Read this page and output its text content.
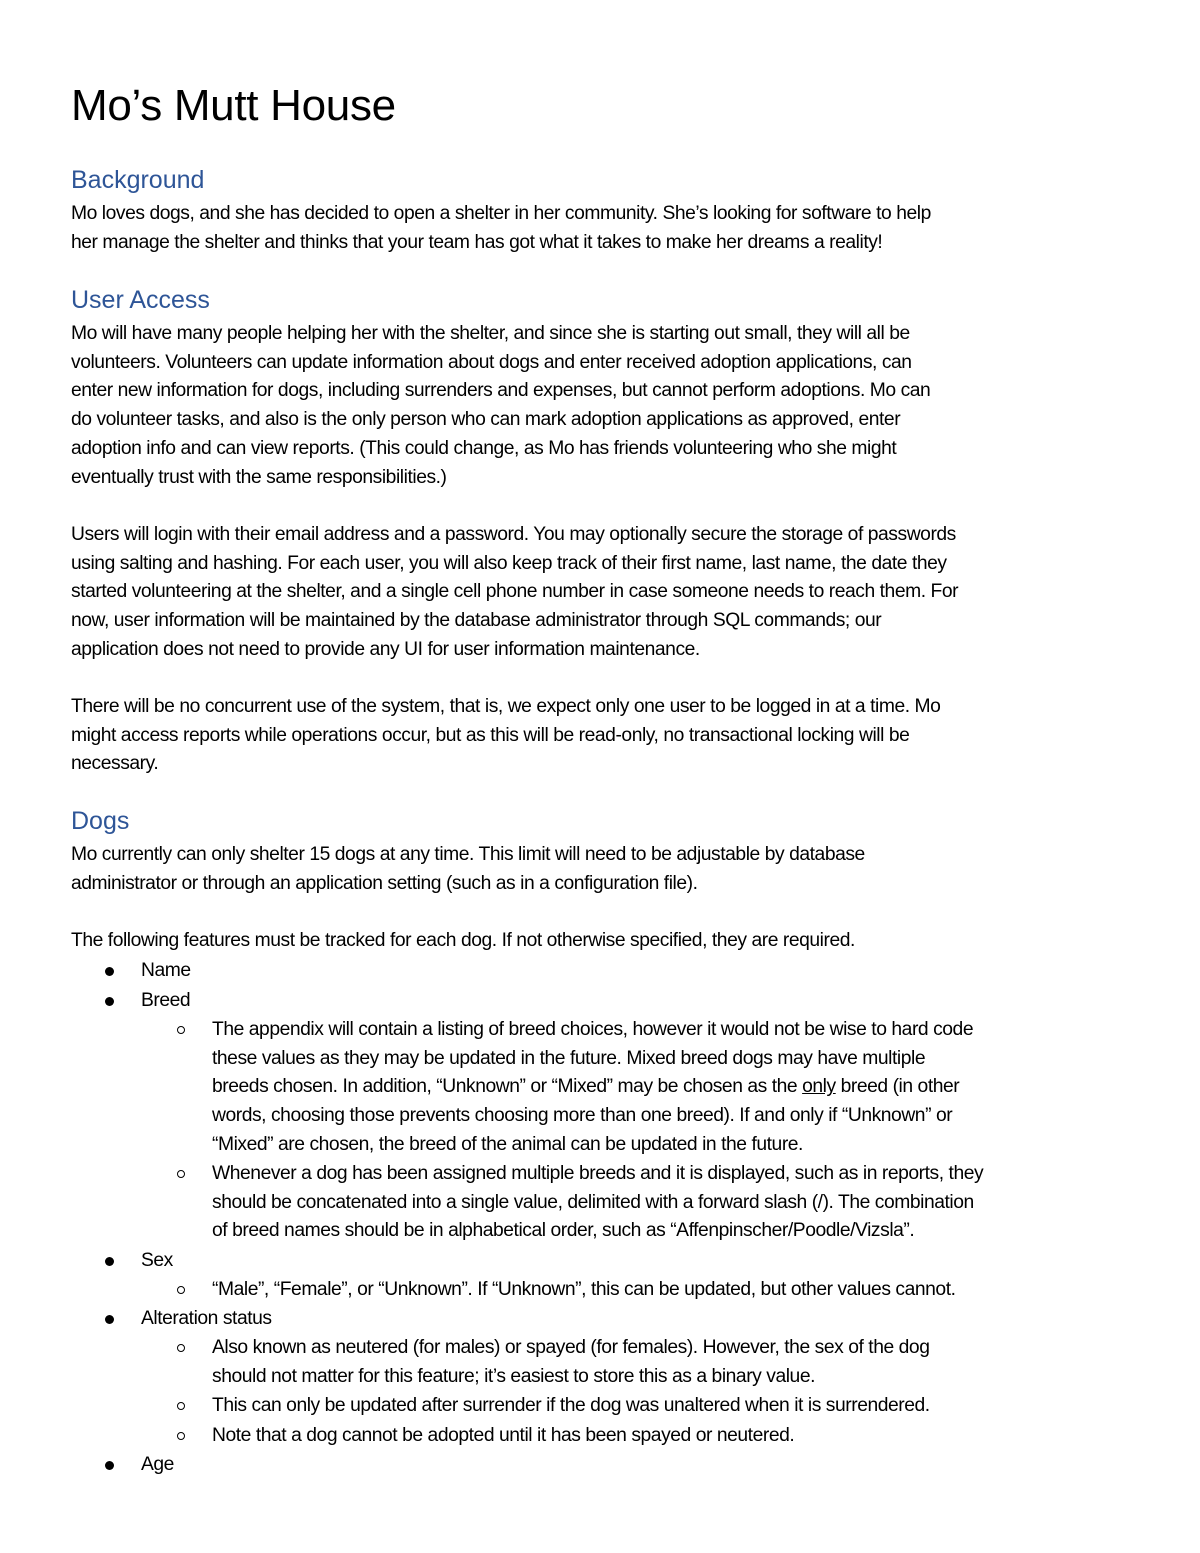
Mo’s Mutt House
Background
Mo loves dogs, and she has decided to open a shelter in her community. She’s looking for software to help
her manage the shelter and thinks that your team has got what it takes to make her dreams a reality!
User Access
Mo will have many people helping her with the shelter, and since she is starting out small, they will all be
volunteers. Volunteers can update information about dogs and enter received adoption applications, can
enter new information for dogs, including surrenders and expenses, but cannot perform adoptions. Mo can
do volunteer tasks, and also is the only person who can mark adoption applications as approved, enter
adoption info and can view reports. (This could change, as Mo has friends volunteering who she might
eventually trust with the same responsibilities.)
Users will login with their email address and a password. You may optionally secure the storage of passwords
using salting and hashing. For each user, you will also keep track of their first name, last name, the date they
started volunteering at the shelter, and a single cell phone number in case someone needs to reach them. For
now, user information will be maintained by the database administrator through SQL commands; our
application does not need to provide any UI for user information maintenance.
There will be no concurrent use of the system, that is, we expect only one user to be logged in at a time. Mo
might access reports while operations occur, but as this will be read-only, no transactional locking will be
necessary.
Dogs
Mo currently can only shelter 15 dogs at any time. This limit will need to be adjustable by database
administrator or through an application setting (such as in a configuration file).
The following features must be tracked for each dog. If not otherwise specified, they are required.
Name
Breed
The appendix will contain a listing of breed choices, however it would not be wise to hard code
these values as they may be updated in the future. Mixed breed dogs may have multiple
breeds chosen. In addition, “Unknown” or “Mixed” may be chosen as the only breed (in other
words, choosing those prevents choosing more than one breed). If and only if “Unknown” or
“Mixed” are chosen, the breed of the animal can be updated in the future.
Whenever a dog has been assigned multiple breeds and it is displayed, such as in reports, they
should be concatenated into a single value, delimited with a forward slash (/). The combination
of breed names should be in alphabetical order, such as “Affenpinscher/Poodle/Vizsla”.
Sex
“Male”, “Female”, or “Unknown”. If “Unknown”, this can be updated, but other values cannot.
Alteration status
Also known as neutered (for males) or spayed (for females). However, the sex of the dog
should not matter for this feature; it’s easiest to store this as a binary value.
This can only be updated after surrender if the dog was unaltered when it is surrendered.
Note that a dog cannot be adopted until it has been spayed or neutered.
Age
